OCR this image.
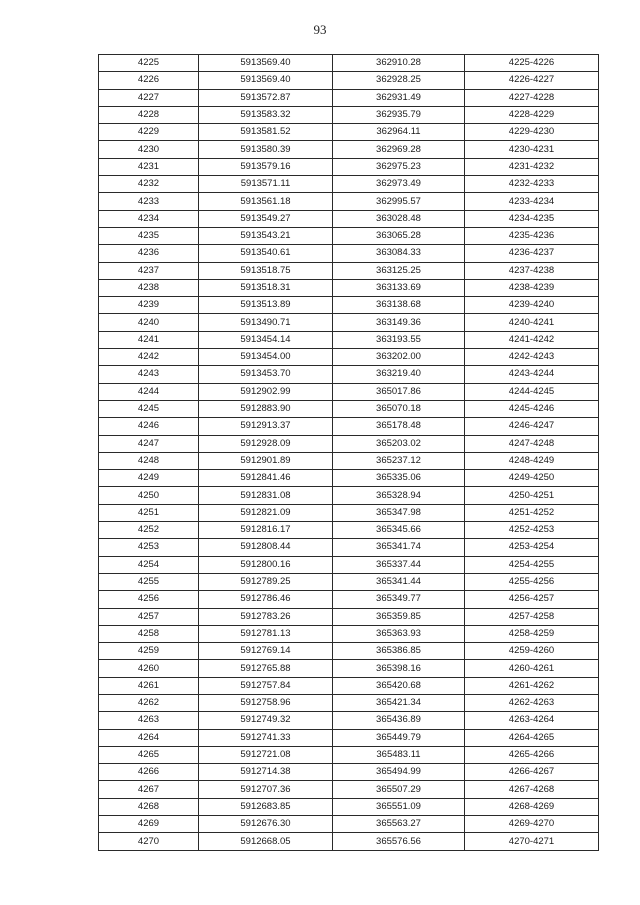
93
4225	5913569.40	362910.28	4225-4226
4226	5913569.40	362928.25	4226-4227
4227	5913572.87	362931.49	4227-4228
4228	5913583.32	362935.79	4228-4229
4229	5913581.52	362964.11	4229-4230
4230	5913580.39	362969.28	4230-4231
4231	5913579.16	362975.23	4231-4232
4232	5913571.11	362973.49	4232-4233
4233	5913561.18	362995.57	4233-4234
4234	5913549.27	363028.48	4234-4235
4235	5913543.21	363065.28	4235-4236
4236	5913540.61	363084.33	4236-4237
4237	5913518.75	363125.25	4237-4238
4238	5913518.31	363133.69	4238-4239
4239	5913513.89	363138.68	4239-4240
4240	5913490.71	363149.36	4240-4241
4241	5913454.14	363193.55	4241-4242
4242	5913454.00	363202.00	4242-4243
4243	5913453.70	363219.40	4243-4244
4244	5912902.99	365017.86	4244-4245
4245	5912883.90	365070.18	4245-4246
4246	5912913.37	365178.48	4246-4247
4247	5912928.09	365203.02	4247-4248
4248	5912901.89	365237.12	4248-4249
4249	5912841.46	365335.06	4249-4250
4250	5912831.08	365328.94	4250-4251
4251	5912821.09	365347.98	4251-4252
4252	5912816.17	365345.66	4252-4253
4253	5912808.44	365341.74	4253-4254
4254	5912800.16	365337.44	4254-4255
4255	5912789.25	365341.44	4255-4256
4256	5912786.46	365349.77	4256-4257
4257	5912783.26	365359.85	4257-4258
4258	5912781.13	365363.93	4258-4259
4259	5912769.14	365386.85	4259-4260
4260	5912765.88	365398.16	4260-4261
4261	5912757.84	365420.68	4261-4262
4262	5912758.96	365421.34	4262-4263
4263	5912749.32	365436.89	4263-4264
4264	5912741.33	365449.79	4264-4265
4265	5912721.08	365483.11	4265-4266
4266	5912714.38	365494.99	4266-4267
4267	5912707.36	365507.29	4267-4268
4268	5912683.85	365551.09	4268-4269
4269	5912676.30	365563.27	4269-4270
4270	5912668.05	365576.56	4270-4271
